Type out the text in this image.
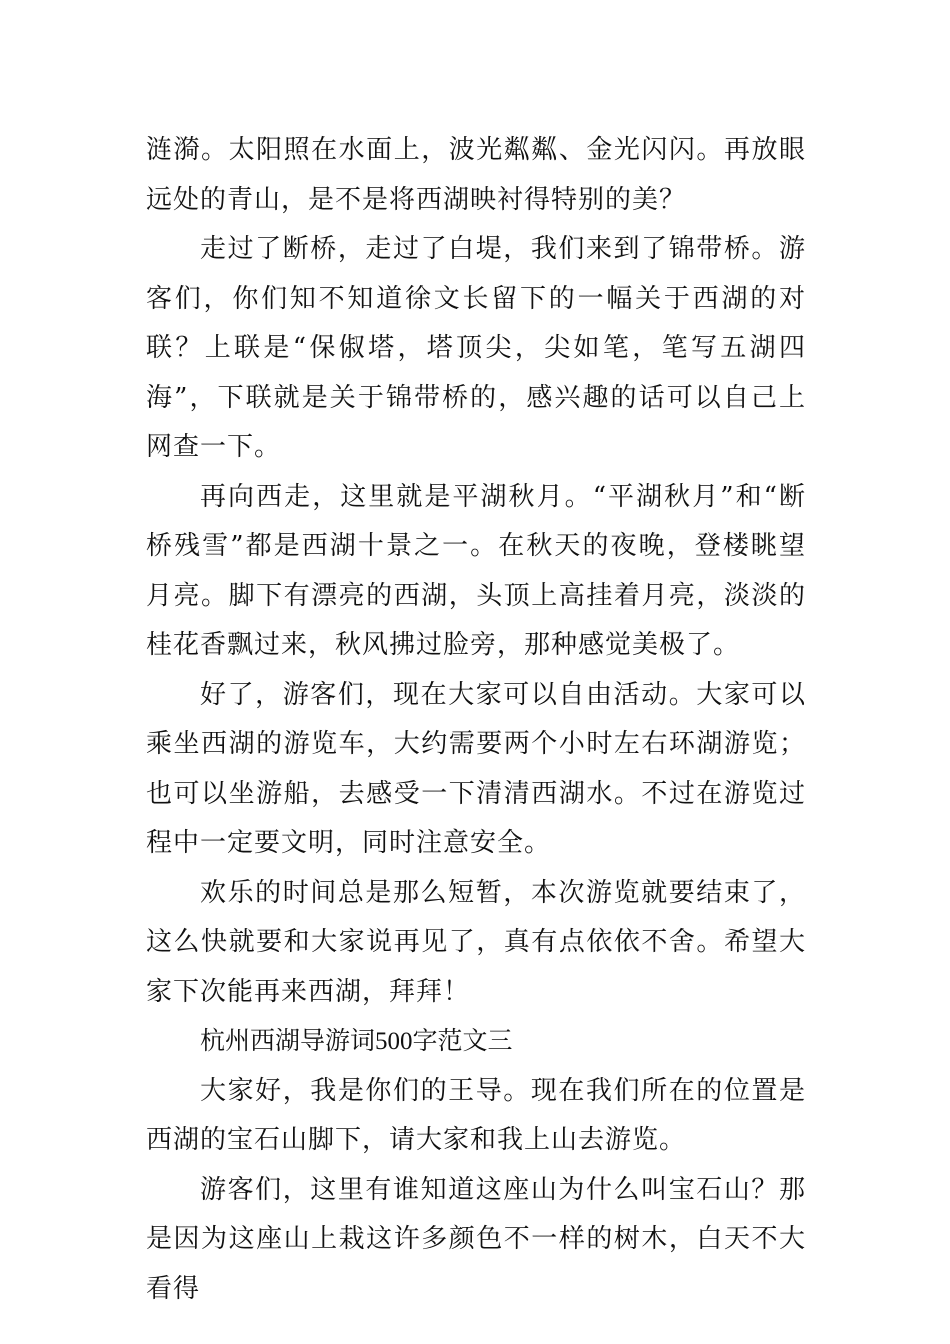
涟漪。太阳照在水面上，波光粼粼、金光闪闪。再放眼远处的青山，是不是将西湖映衬得特别的美？

走过了断桥，走过了白堤，我们来到了锦带桥。游客们，你们知不知道徐文长留下的一幅关于西湖的对联？上联是“保俶塔，塔顶尖，尖如笔，笔写五湖四海”，下联就是关于锦带桥的，感兴趣的话可以自己上网查一下。

再向西走，这里就是平湖秋月。“平湖秋月”和“断桥残雪”都是西湖十景之一。在秋天的夜晚，登楼眺望月亮。脚下有漂亮的西湖，头顶上高挂着月亮，淡淡的桂花香飘过来，秋风拂过脸旁，那种感觉美极了。

好了，游客们，现在大家可以自由活动。大家可以乘坐西湖的游览车，大约需要两个小时左右环湖游览；也可以坐游船，去感受一下清清西湖水。不过在游览过程中一定要文明，同时注意安全。

欢乐的时间总是那么短暂，本次游览就要结束了，这么快就要和大家说再见了，真有点依依不舍。希望大家下次能再来西湖，拜拜！

杭州西湖导游词500字范文三

大家好，我是你们的王导。现在我们所在的位置是西湖的宝石山脚下，请大家和我上山去游览。

游客们，这里有谁知道这座山为什么叫宝石山？那是因为这座山上栽这许多颜色不一样的树木，白天不大看得
